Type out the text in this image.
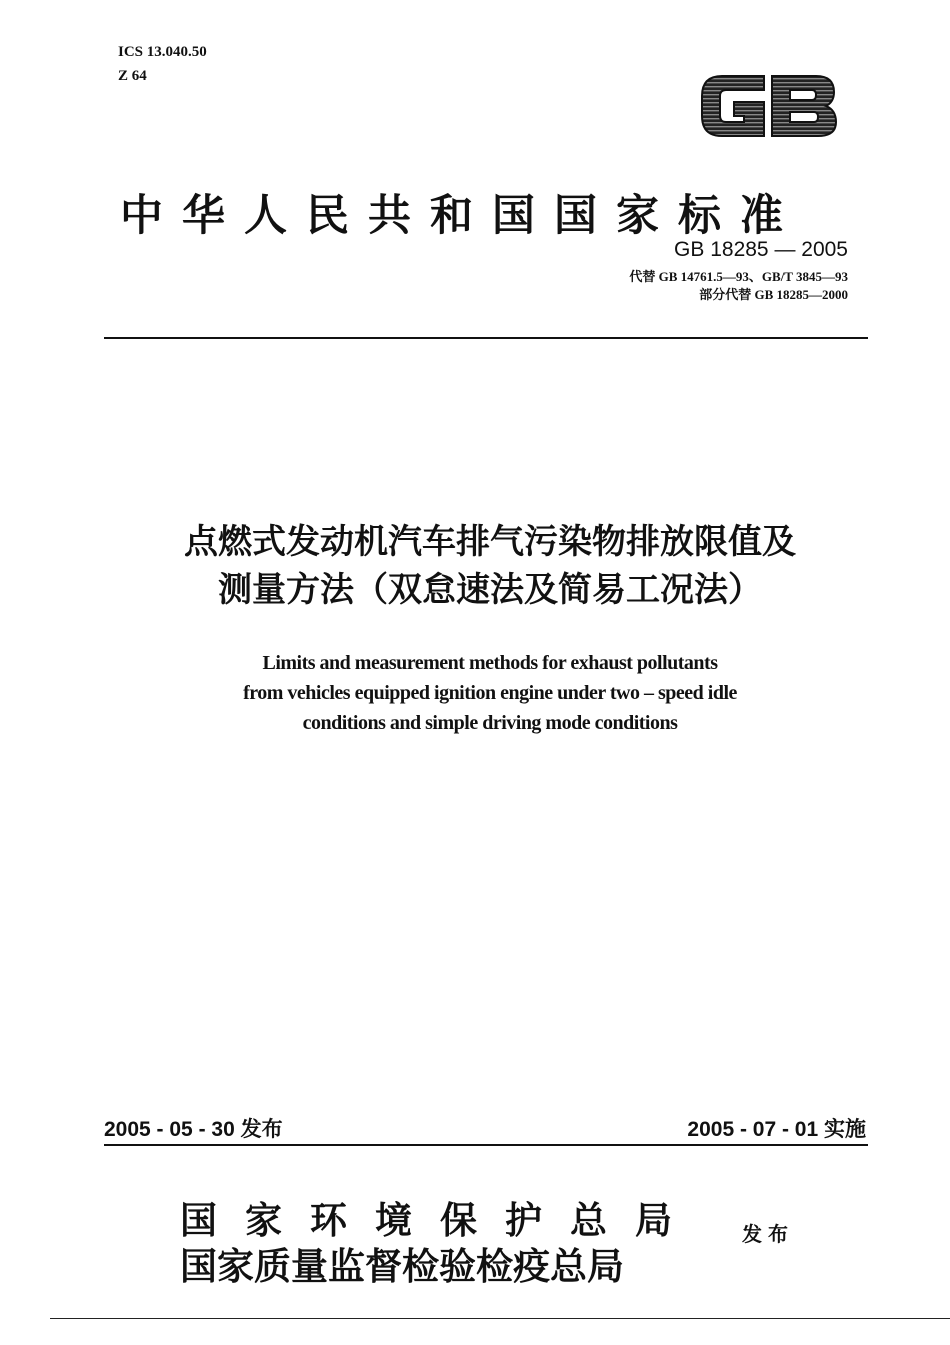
ICS 13.040.50
Z 64
中华人民共和国国家标准
GB 18285 — 2005
代替 GB 14761.5—93、GB/T 3845—93
部分代替 GB 18285—2000
点燃式发动机汽车排气污染物排放限值及
测量方法（双怠速法及简易工况法）
Limits and measurement methods for exhaust pollutants
from vehicles equipped ignition engine under two – speed idle
conditions and simple driving mode conditions
2005 - 05 - 30 发布	2005 - 07 - 01 实施
国家环境保护总局
国家质量监督检验检疫总局
发布
